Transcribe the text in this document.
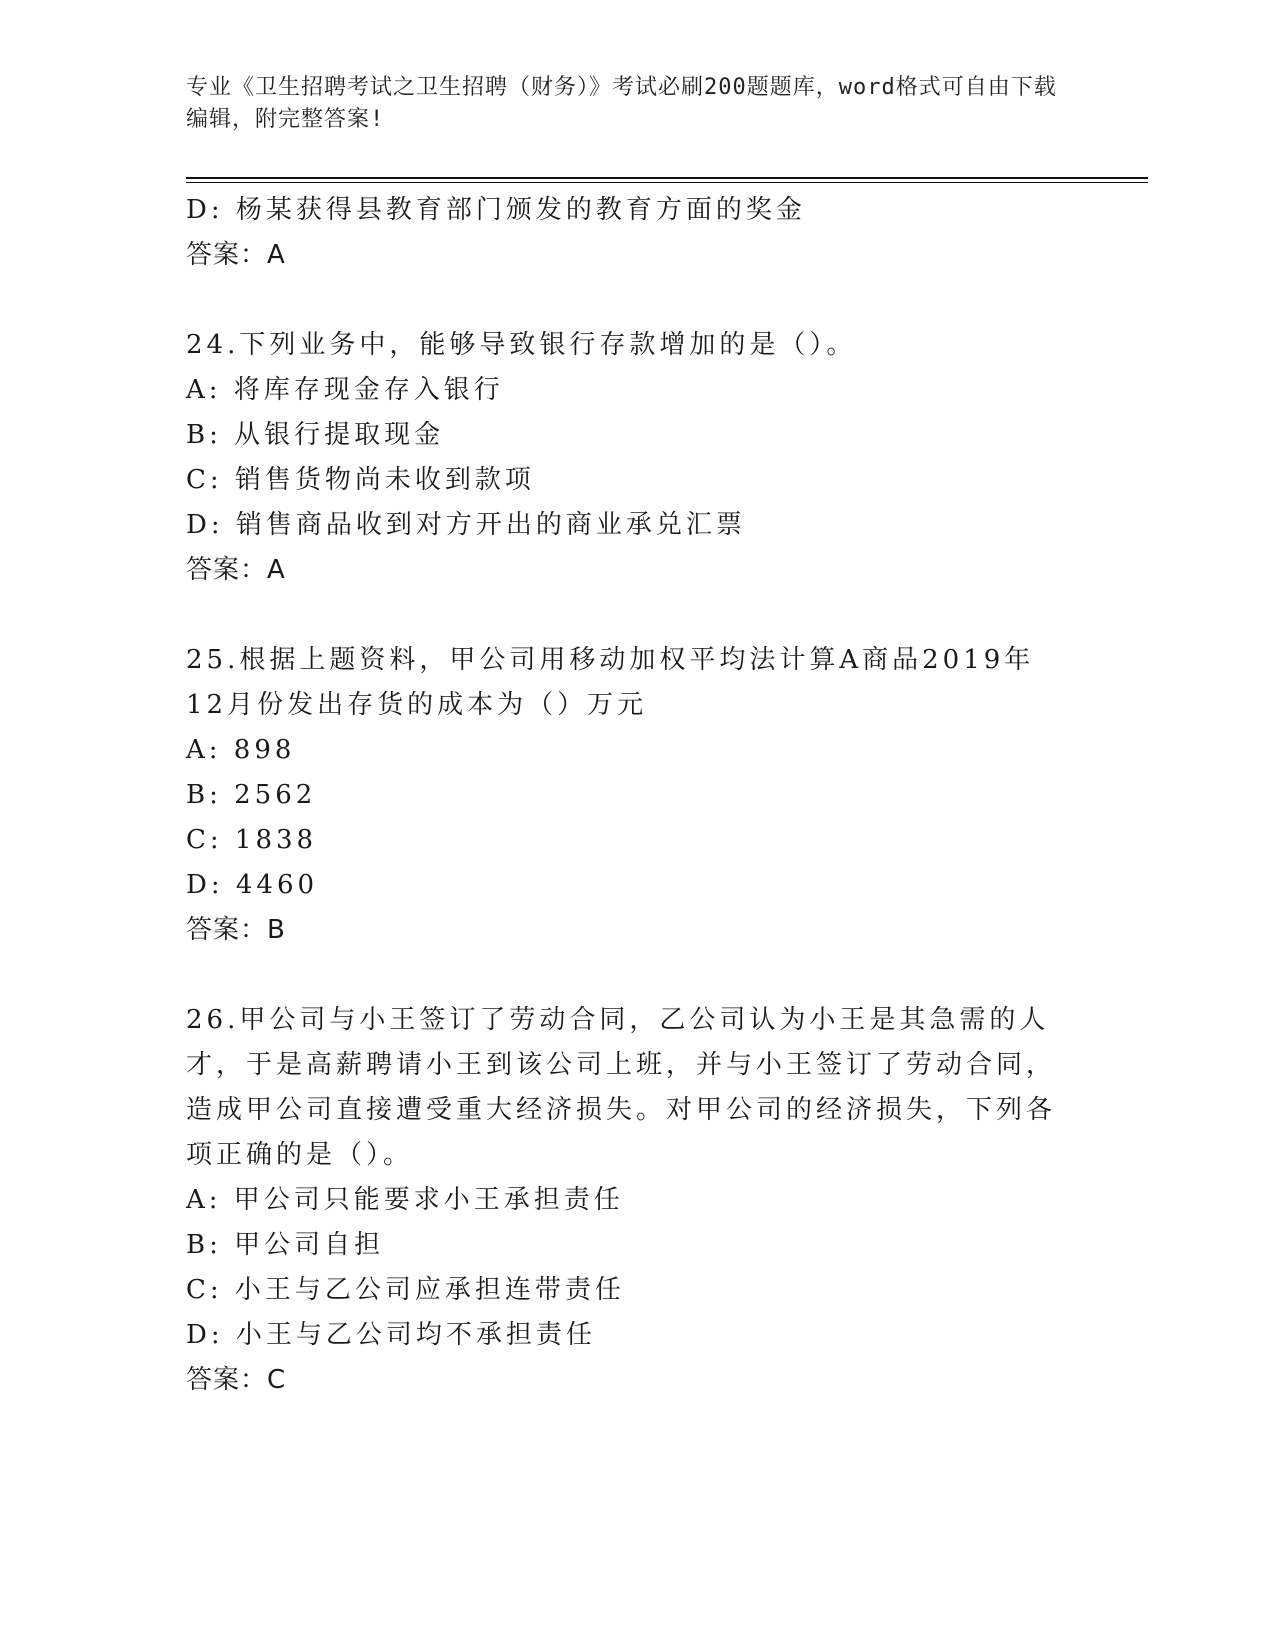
专业《卫生招聘考试之卫生招聘（财务）》考试必刷200题题库，word格式可自由下载编辑，附完整答案!

D: 杨某获得县教育部门颁发的教育方面的奖金
答案：A
24.下列业务中，能够导致银行存款增加的是（）。
A: 将库存现金存入银行
B: 从银行提取现金
C: 销售货物尚未收到款项
D: 销售商品收到对方开出的商业承兑汇票
答案：A
25.根据上题资料，甲公司用移动加权平均法计算A商品2019年12月份发出存货的成本为（）万元
A: 898
B: 2562
C: 1838
D: 4460
答案：B
26.甲公司与小王签订了劳动合同，乙公司认为小王是其急需的人才，于是高薪聘请小王到该公司上班，并与小王签订了劳动合同，造成甲公司直接遭受重大经济损失。对甲公司的经济损失，下列各项正确的是（）。
A: 甲公司只能要求小王承担责任
B: 甲公司自担
C: 小王与乙公司应承担连带责任
D: 小王与乙公司均不承担责任
答案：C
